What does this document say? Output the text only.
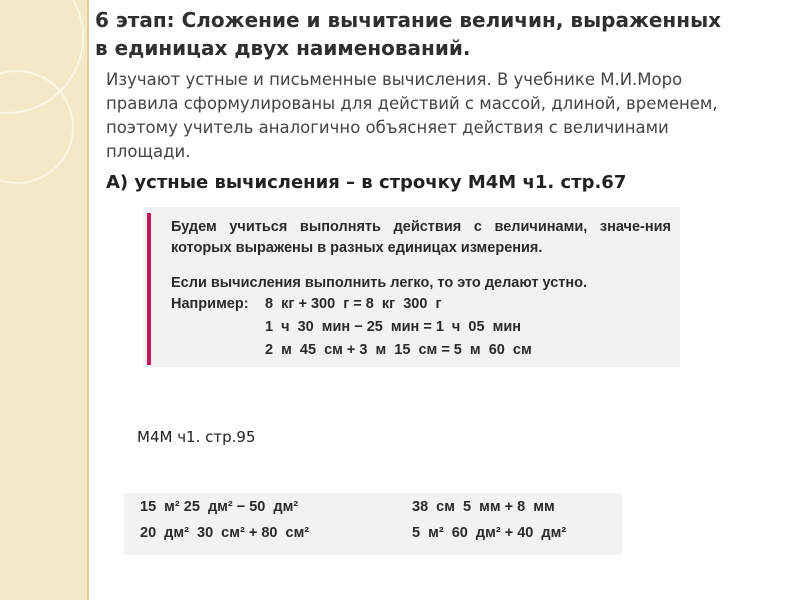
6 этап: Сложение и вычитание величин, выраженных
в единицах двух наименований.
Изучают устные и письменные вычисления. В учебнике М.И.Моро
правила сформулированы для действий с массой, длиной, временем,
поэтому учитель аналогично объясняет действия с величинами
площади.
А) устные вычисления – в строчку М4М ч1. стр.67
Будем учиться выполнять действия с величинами, значе-ния которых выражены в разных единицах измерения.
Если вычисления выполнить легко, то это делают устно.
Например: 8  кг + 300  г = 8  кг  300  г
1  ч  30  мин − 25  мин = 1  ч  05  мин
2  м  45  см + 3  м  15  см = 5  м  60  см
М4М ч1. стр.95
15  м² 25  дм² − 50  дм²
20  дм²  30  см² + 80  см²
38  см  5  мм + 8  мм
5  м²  60  дм² + 40  дм²
